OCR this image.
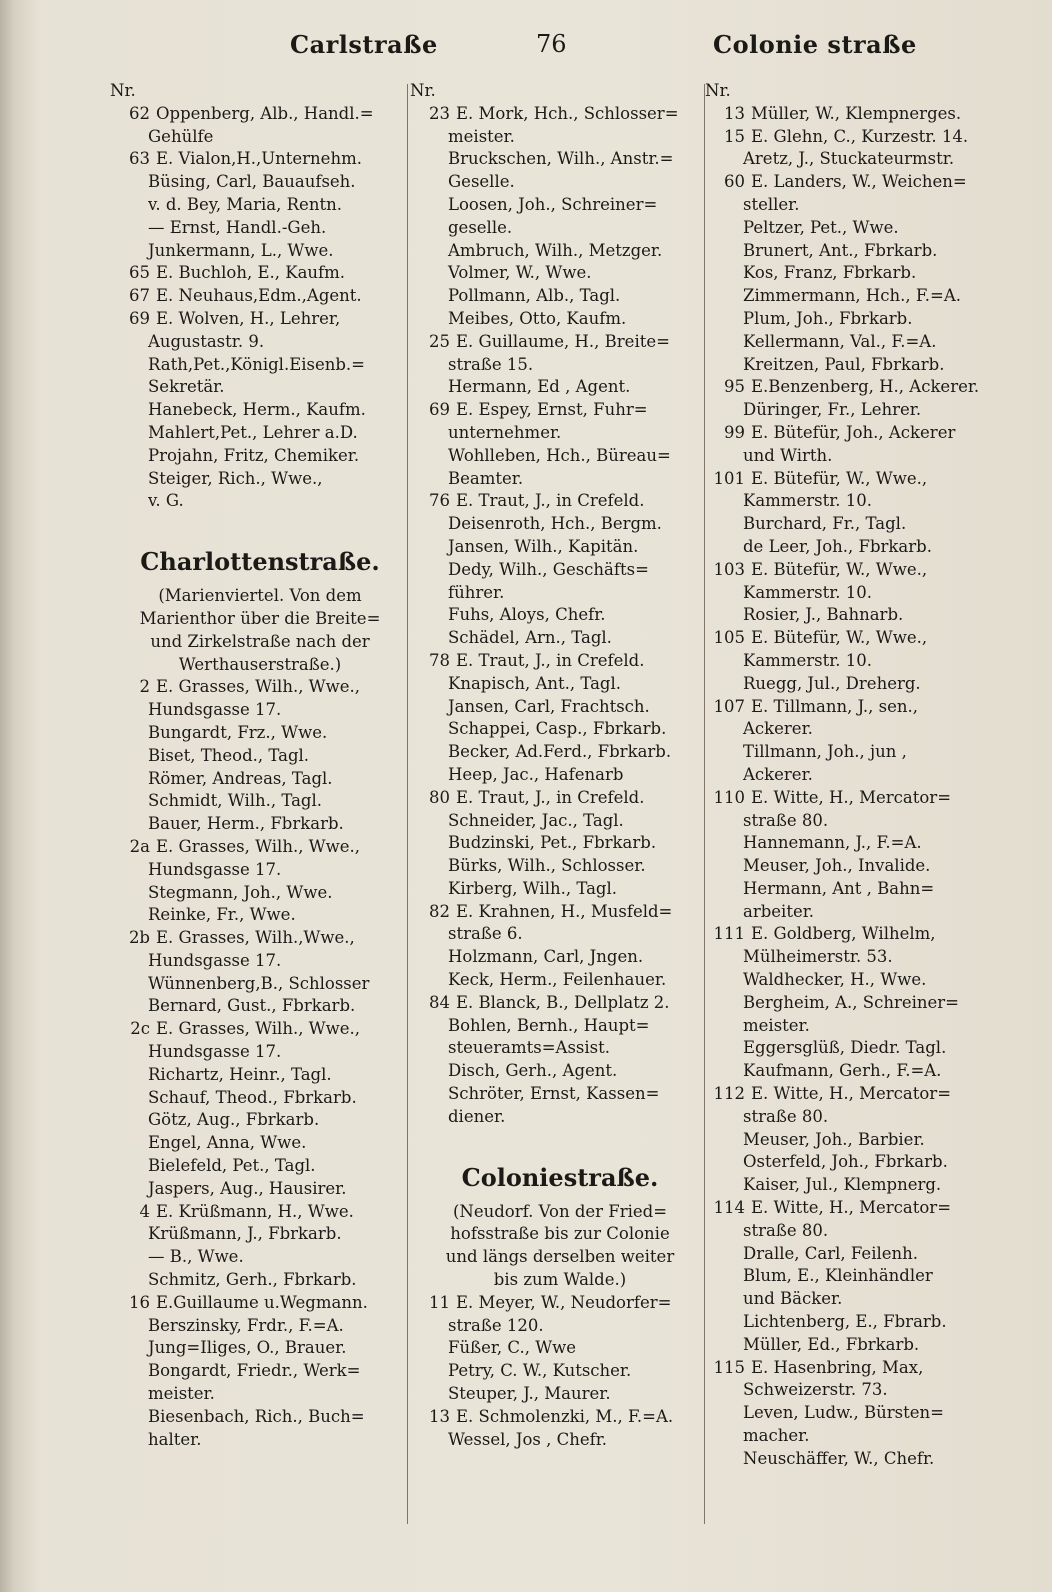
Carlstraße	76	Colonie straße
Nr.
62 Oppenberg, Alb., Handl.=
Gehülfe
63 E. Vialon,H.,Unternehm.
Büsing, Carl, Bauaufseh.
v. d. Bey, Maria, Rentn.
— Ernst, Handl.-Geh.
Junkermann, L., Wwe.
65 E. Buchloh, E., Kaufm.
67 E. Neuhaus,Edm.,Agent.
69 E. Wolven, H., Lehrer,
Augustastr. 9.
Rath,Pet.,Königl.Eisenb.=
Sekretär.
Hanebeck, Herm., Kaufm.
Mahlert,Pet., Lehrer a.D.
Projahn, Fritz, Chemiker.
Steiger, Rich., Wwe.,
v. G.
Charlottenstraße.
(Marienviertel. Von dem
Marienthor über die Breite=
und Zirkelstraße nach der
Werthauserstraße.)
2 E. Grasses, Wilh., Wwe.,
Hundsgasse 17.
Bungardt, Frz., Wwe.
Biset, Theod., Tagl.
Römer, Andreas, Tagl.
Schmidt, Wilh., Tagl.
Bauer, Herm., Fbrkarb.
2a E. Grasses, Wilh., Wwe.,
Hundsgasse 17.
Stegmann, Joh., Wwe.
Reinke, Fr., Wwe.
2b E. Grasses, Wilh.,Wwe.,
Hundsgasse 17.
Wünnenberg,B., Schlosser
Bernard, Gust., Fbrkarb.
2c E. Grasses, Wilh., Wwe.,
Hundsgasse 17.
Richartz, Heinr., Tagl.
Schauf, Theod., Fbrkarb.
Götz, Aug., Fbrkarb.
Engel, Anna, Wwe.
Bielefeld, Pet., Tagl.
Jaspers, Aug., Hausirer.
4 E. Krüßmann, H., Wwe.
Krüßmann, J., Fbrkarb.
— B., Wwe.
Schmitz, Gerh., Fbrkarb.
16 E.Guillaume u.Wegmann.
Berszinsky, Frdr., F.=A.
Jung=Iliges, O., Brauer.
Bongardt, Friedr., Werk=
meister.
Biesenbach, Rich., Buch=
halter.
Nr.
23 E. Mork, Hch., Schlosser=
meister.
Bruckschen, Wilh., Anstr.=
Geselle.
Loosen, Joh., Schreiner=
geselle.
Ambruch, Wilh., Metzger.
Volmer, W., Wwe.
Pollmann, Alb., Tagl.
Meibes, Otto, Kaufm.
25 E. Guillaume, H., Breite=
straße 15.
Hermann, Ed , Agent.
69 E. Espey, Ernst, Fuhr=
unternehmer.
Wohlleben, Hch., Büreau=
Beamter.
76 E. Traut, J., in Crefeld.
Deisenroth, Hch., Bergm.
Jansen, Wilh., Kapitän.
Dedy, Wilh., Geschäfts=
führer.
Fuhs, Aloys, Chefr.
Schädel, Arn., Tagl.
78 E. Traut, J., in Crefeld.
Knapisch, Ant., Tagl.
Jansen, Carl, Frachtsch.
Schappei, Casp., Fbrkarb.
Becker, Ad.Ferd., Fbrkarb.
Heep, Jac., Hafenarb
80 E. Traut, J., in Crefeld.
Schneider, Jac., Tagl.
Budzinski, Pet., Fbrkarb.
Bürks, Wilh., Schlosser.
Kirberg, Wilh., Tagl.
82 E. Krahnen, H., Musfeld=
straße 6.
Holzmann, Carl, Jngen.
Keck, Herm., Feilenhauer.
84 E. Blanck, B., Dellplatz 2.
Bohlen, Bernh., Haupt=
steueramts=Assist.
Disch, Gerh., Agent.
Schröter, Ernst, Kassen=
diener.
Coloniestraße.
(Neudorf. Von der Fried=
hofsstraße bis zur Colonie
und längs derselben weiter
bis zum Walde.)
11 E. Meyer, W., Neudorfer=
straße 120.
Füßer, C., Wwe
Petry, C. W., Kutscher.
Steuper, J., Maurer.
13 E. Schmolenzki, M., F.=A.
Wessel, Jos , Chefr.
Nr.
13 Müller, W., Klempnerges.
15 E. Glehn, C., Kurzestr. 14.
Aretz, J., Stuckateurmstr.
60 E. Landers, W., Weichen=
steller.
Peltzer, Pet., Wwe.
Brunert, Ant., Fbrkarb.
Kos, Franz, Fbrkarb.
Zimmermann, Hch., F.=A.
Plum, Joh., Fbrkarb.
Kellermann, Val., F.=A.
Kreitzen, Paul, Fbrkarb.
95 E.Benzenberg, H., Ackerer.
Düringer, Fr., Lehrer.
99 E. Bütefür, Joh., Ackerer
und Wirth.
101 E. Bütefür, W., Wwe.,
Kammerstr. 10.
Burchard, Fr., Tagl.
de Leer, Joh., Fbrkarb.
103 E. Bütefür, W., Wwe.,
Kammerstr. 10.
Rosier, J., Bahnarb.
105 E. Bütefür, W., Wwe.,
Kammerstr. 10.
Ruegg, Jul., Dreherg.
107 E. Tillmann, J., sen.,
Ackerer.
Tillmann, Joh., jun ,
Ackerer.
110 E. Witte, H., Mercator=
straße 80.
Hannemann, J., F.=A.
Meuser, Joh., Invalide.
Hermann, Ant , Bahn=
arbeiter.
111 E. Goldberg, Wilhelm,
Mülheimerstr. 53.
Waldhecker, H., Wwe.
Bergheim, A., Schreiner=
meister.
Eggersglüß, Diedr. Tagl.
Kaufmann, Gerh., F.=A.
112 E. Witte, H., Mercator=
straße 80.
Meuser, Joh., Barbier.
Osterfeld, Joh., Fbrkarb.
Kaiser, Jul., Klempnerg.
114 E. Witte, H., Mercator=
straße 80.
Dralle, Carl, Feilenh.
Blum, E., Kleinhändler
und Bäcker.
Lichtenberg, E., Fbrarb.
Müller, Ed., Fbrkarb.
115 E. Hasenbring, Max,
Schweizerstr. 73.
Leven, Ludw., Bürsten=
macher.
Neuschäffer, W., Chefr.
